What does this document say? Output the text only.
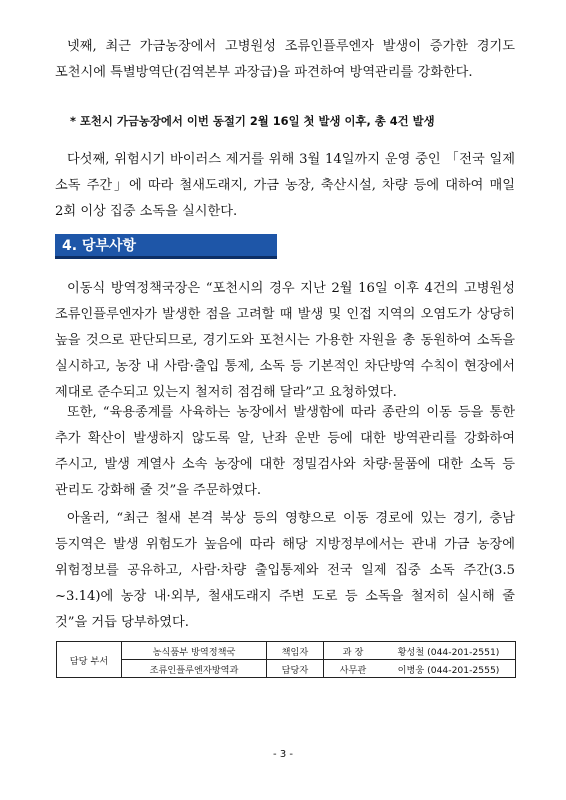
넷째, 최근 가금농장에서 고병원성 조류인플루엔자 발생이 증가한 경기도 포천시에 특별방역단(검역본부 과장급)을 파견하여 방역관리를 강화한다.

* 포천시 가금농장에서 이번 동절기 2월 16일 첫 발생 이후, 총 4건 발생

다섯째, 위험시기 바이러스 제거를 위해 3월 14일까지 운영 중인 「전국 일제 소독 주간」에 따라 철새도래지, 가금 농장, 축산시설, 차량 등에 대하여 매일 2회 이상 집중 소독을 실시한다.

4. 당부사항

이동식 방역정책국장은 “포천시의 경우 지난 2월 16일 이후 4건의 고병원성 조류인플루엔자가 발생한 점을 고려할 때 발생 및 인접 지역의 오염도가 상당히 높을 것으로 판단되므로, 경기도와 포천시는 가용한 자원을 총 동원하여 소독을 실시하고, 농장 내 사람·출입 통제, 소독 등 기본적인 차단방역 수칙이 현장에서 제대로 준수되고 있는지 철저히 점검해 달라”고 요청하였다.

또한, “육용종계를 사육하는 농장에서 발생함에 따라 종란의 이동 등을 통한 추가 확산이 발생하지 않도록 알, 난좌 운반 등에 대한 방역관리를 강화하여 주시고, 발생 계열사 소속 농장에 대한 정밀검사와 차량·물품에 대한 소독 등 관리도 강화해 줄 것”을 주문하였다.

아울러, “최근 철새 본격 북상 등의 영향으로 이동 경로에 있는 경기, 충남 등지역은 발생 위험도가 높음에 따라 해당 지방정부에서는 관내 가금 농장에 위험정보를 공유하고, 사람·차량 출입통제와 전국 일제 집중 소독 주간(3.5 ~3.14)에 농장 내·외부, 철새도래지 주변 도로 등 소독을 철저히 실시해 줄 것”을 거듭 당부하였다.

담당 부서	농식품부 방역정책국	책임자	과 장	황성철 (044-201-2551)
	조류인플루엔자방역과	담당자	사무관	이병웅 (044-201-2555)
- 3 -
